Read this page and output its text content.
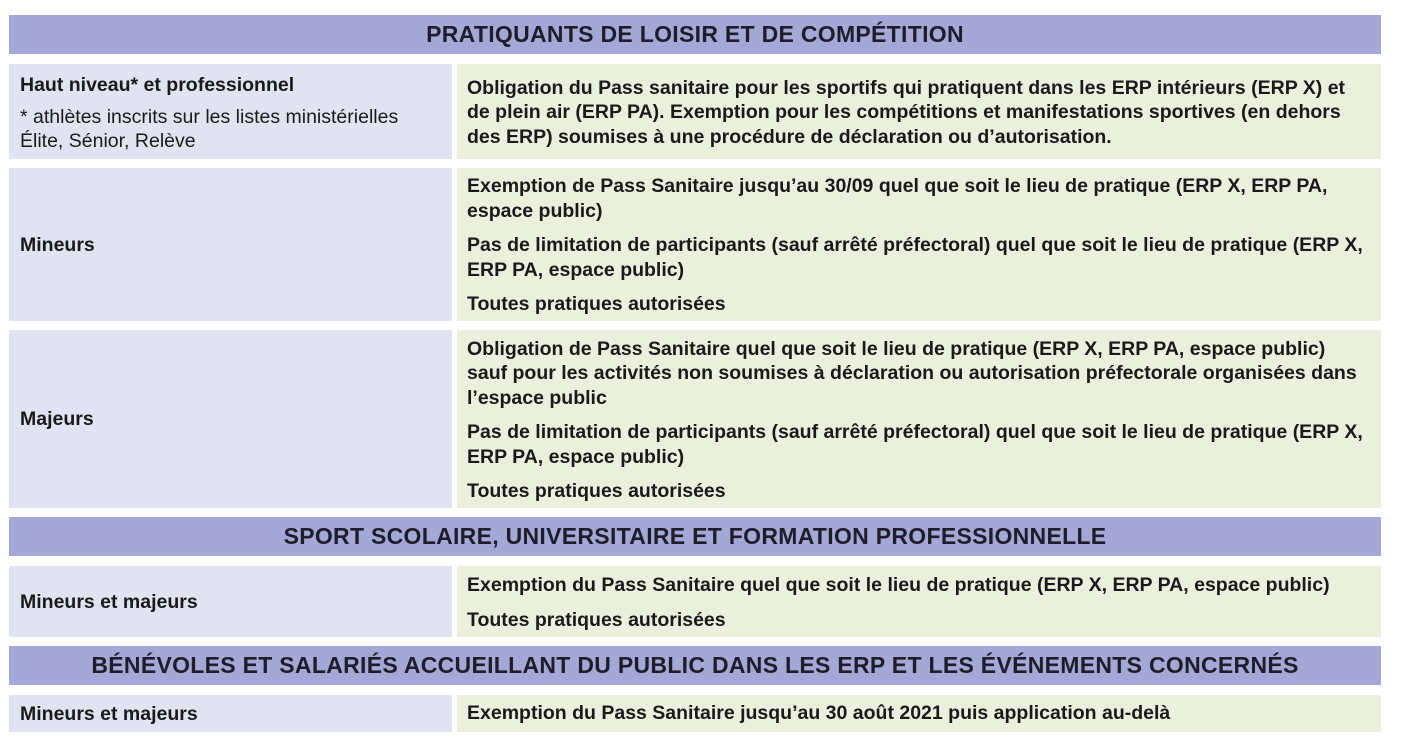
PRATIQUANTS DE LOISIR ET DE COMPÉTITION
Haut niveau* et professionnel
* athlètes inscrits sur les listes ministérielles Élite, Sénior, Relève

Obligation du Pass sanitaire pour les sportifs qui pratiquent dans les ERP intérieurs (ERP X) et de plein air (ERP PA). Exemption pour les compétitions et manifestations sportives (en dehors des ERP) soumises à une procédure de déclaration ou d’autorisation.

Mineurs

Exemption de Pass Sanitaire jusqu’au 30/09 quel que soit le lieu de pratique (ERP X, ERP PA, espace public)

Pas de limitation de participants (sauf arrêté préfectoral) quel que soit le lieu de pratique (ERP X, ERP PA, espace public)

Toutes pratiques autorisées

Majeurs

Obligation de Pass Sanitaire quel que soit le lieu de pratique (ERP X, ERP PA, espace public) sauf pour les activités non soumises à déclaration ou autorisation préfectorale organisées dans l’espace public

Pas de limitation de participants (sauf arrêté préfectoral) quel que soit le lieu de pratique (ERP X, ERP PA, espace public)

Toutes pratiques autorisées

SPORT SCOLAIRE, UNIVERSITAIRE ET FORMATION PROFESSIONNELLE
Mineurs et majeurs

Exemption du Pass Sanitaire quel que soit le lieu de pratique (ERP X, ERP PA, espace public)

Toutes pratiques autorisées

BÉNÉVOLES ET SALARIÉS ACCUEILLANT DU PUBLIC DANS LES ERP ET LES ÉVÉNEMENTS CONCERNÉS
Mineurs et majeurs	Exemption du Pass Sanitaire jusqu’au 30 août 2021 puis application au-delà
